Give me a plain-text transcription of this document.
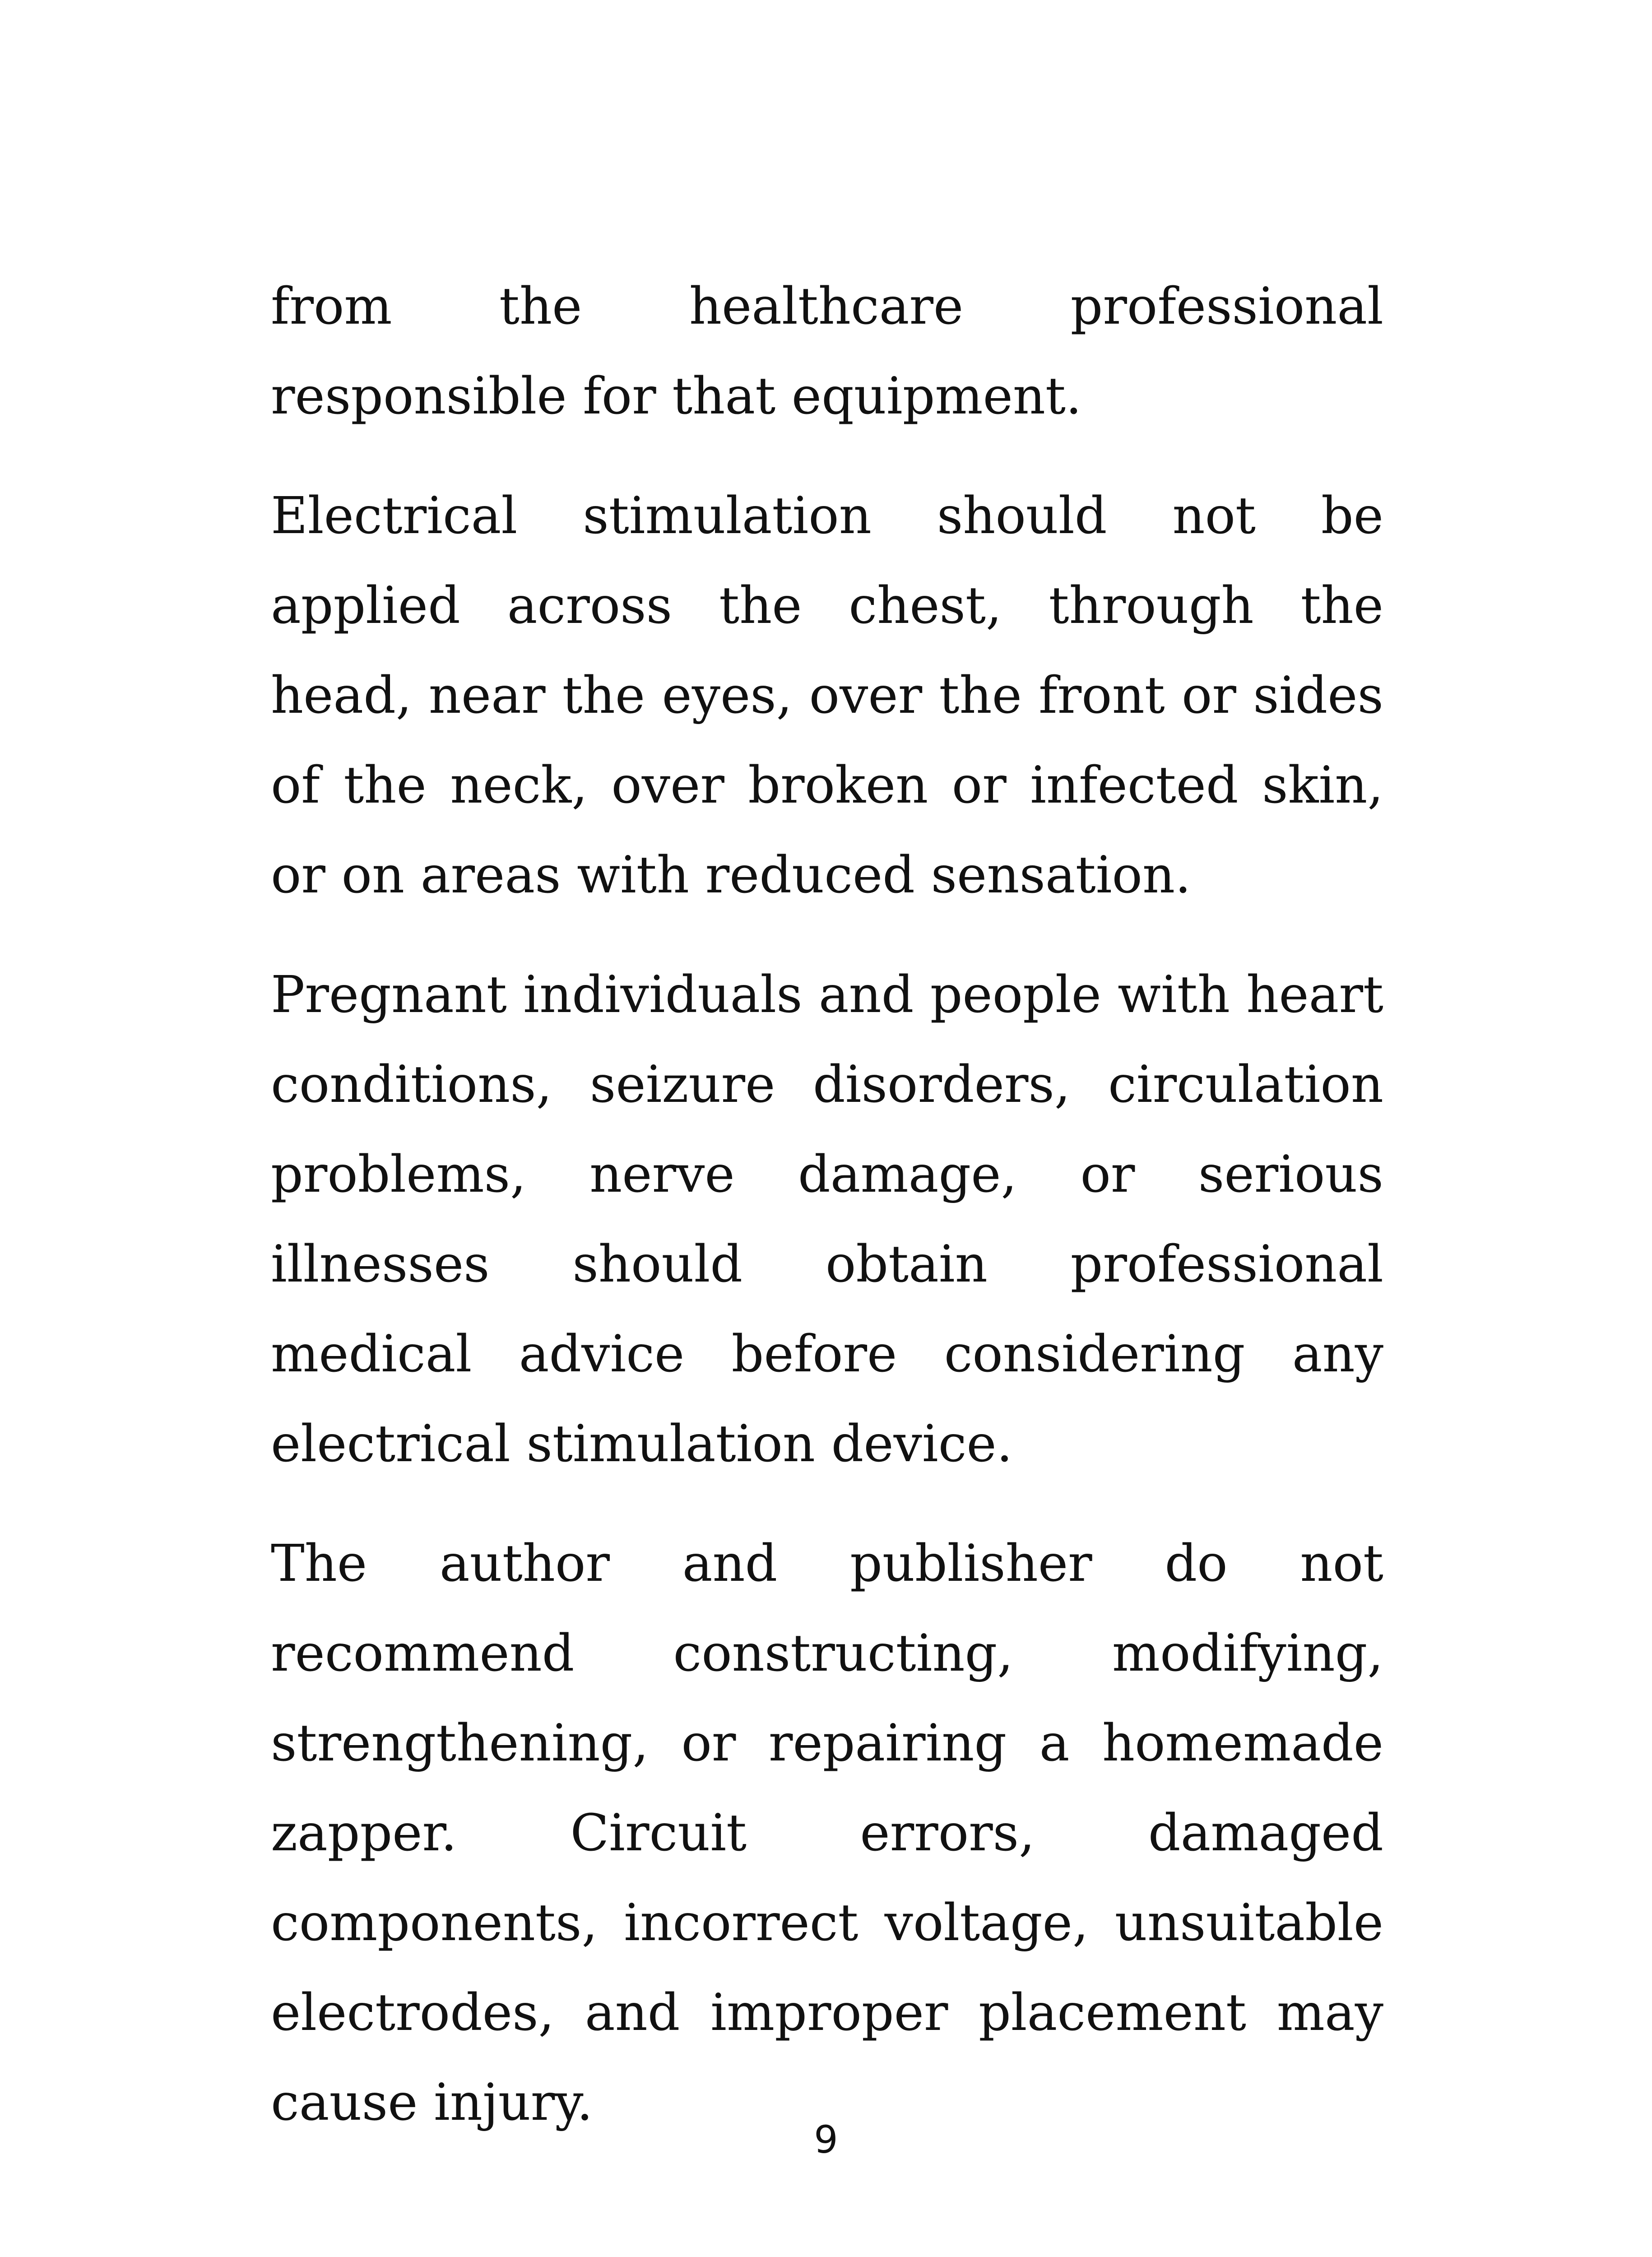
from the healthcare professional responsible for that equipment.

Electrical stimulation should not be applied across the chest, through the head, near the eyes, over the front or sides of the neck, over broken or infected skin, or on areas with reduced sensation.

Pregnant individuals and people with heart conditions, seizure disorders, circulation problems, nerve damage, or serious illnesses should obtain professional medical advice before considering any electrical stimulation device.

The author and publisher do not recommend constructing, modifying, strengthening, or repairing a homemade zapper. Circuit errors, damaged components, incorrect voltage, unsuitable electrodes, and improper placement may cause injury.

9
